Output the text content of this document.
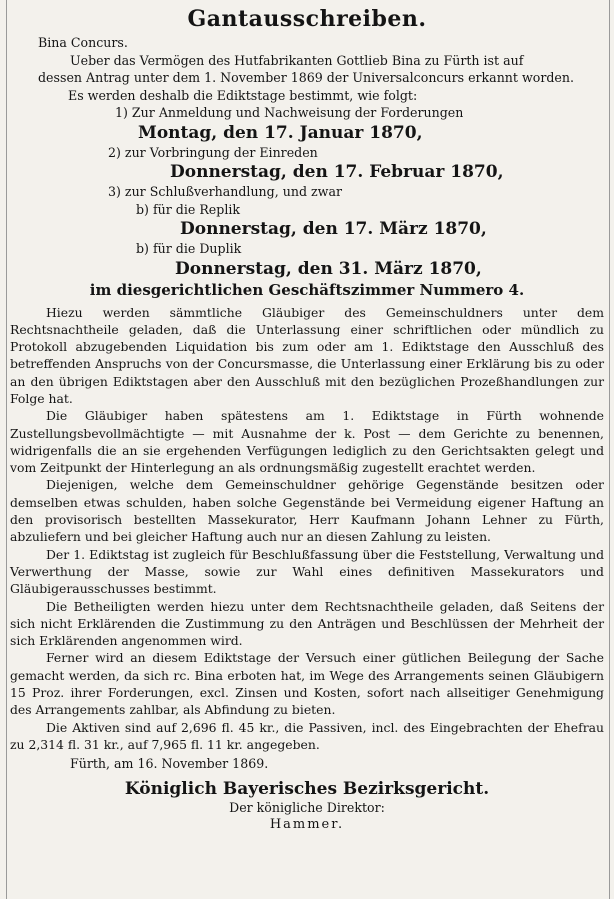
Gantausschreiben.
Bina Concurs.
Ueber das Vermögen des Hutfabrikanten Gottlieb Bina zu Fürth ist auf
dessen Antrag unter dem 1. November 1869 der Universalconcurs erkannt worden.
Es werden deshalb die Ediktstage bestimmt, wie folgt:
1) Zur Anmeldung und Nachweisung der Forderungen
Montag, den 17. Januar 1870,
2) zur Vorbringung der Einreden
Donnerstag, den 17. Februar 1870,
3) zur Schlußverhandlung, und zwar
b) für die Replik
Donnerstag, den 17. März 1870,
b) für die Duplik
Donnerstag, den 31. März 1870,
im diesgerichtlichen Geschäftszimmer Nummero 4.

Hiezu werden sämmtliche Gläubiger des Gemeinschuldners unter dem Rechtsnachtheile geladen, daß die Unterlassung einer schriftlichen oder mündlich zu Protokoll abzugebenden Liquidation bis zum oder am 1. Ediktstage den Ausschluß des betreffenden Anspruchs von der Concursmasse, die Unterlassung einer Erklärung bis zu oder an den übrigen Ediktstagen aber den Ausschluß mit den bezüglichen Prozeßhandlungen zur Folge hat.

Die Gläubiger haben spätestens am 1. Ediktstage in Fürth wohnende Zustellungsbevollmächtigte — mit Ausnahme der k. Post — dem Gerichte zu benennen, widrigenfalls die an sie ergehenden Verfügungen lediglich zu den Gerichtsakten gelegt und vom Zeitpunkt der Hinterlegung an als ordnungsmäßig zugestellt erachtet werden.

Diejenigen, welche dem Gemeinschuldner gehörige Gegenstände besitzen oder demselben etwas schulden, haben solche Gegenstände bei Vermeidung eigener Haftung an den provisorisch bestellten Massekurator, Herr Kaufmann Johann Lehner zu Fürth, abzuliefern und bei gleicher Haftung auch nur an diesen Zahlung zu leisten.

Der 1. Ediktstag ist zugleich für Beschlußfassung über die Feststellung, Verwaltung und Verwerthung der Masse, sowie zur Wahl eines definitiven Massekurators und Gläubigerausschusses bestimmt.

Die Betheiligten werden hiezu unter dem Rechtsnachtheile geladen, daß Seitens der sich nicht Erklärenden die Zustimmung zu den Anträgen und Beschlüssen der Mehrheit der sich Erklärenden angenommen wird.

Ferner wird an diesem Ediktstage der Versuch einer gütlichen Beilegung der Sache gemacht werden, da sich rc. Bina erboten hat, im Wege des Arrangements seinen Gläubigern 15 Proz. ihrer Forderungen, excl. Zinsen und Kosten, sofort nach allseitiger Genehmigung des Arrangements zahlbar, als Abfindung zu bieten.

Die Aktiven sind auf 2,696 fl. 45 kr., die Passiven, incl. des Eingebrachten der Ehefrau zu 2,314 fl. 31 kr., auf 7,965 fl. 11 kr. angegeben.

Fürth, am 16. November 1869.
Königlich Bayerisches Bezirksgericht.
Der königliche Direktor:
Hammer.
